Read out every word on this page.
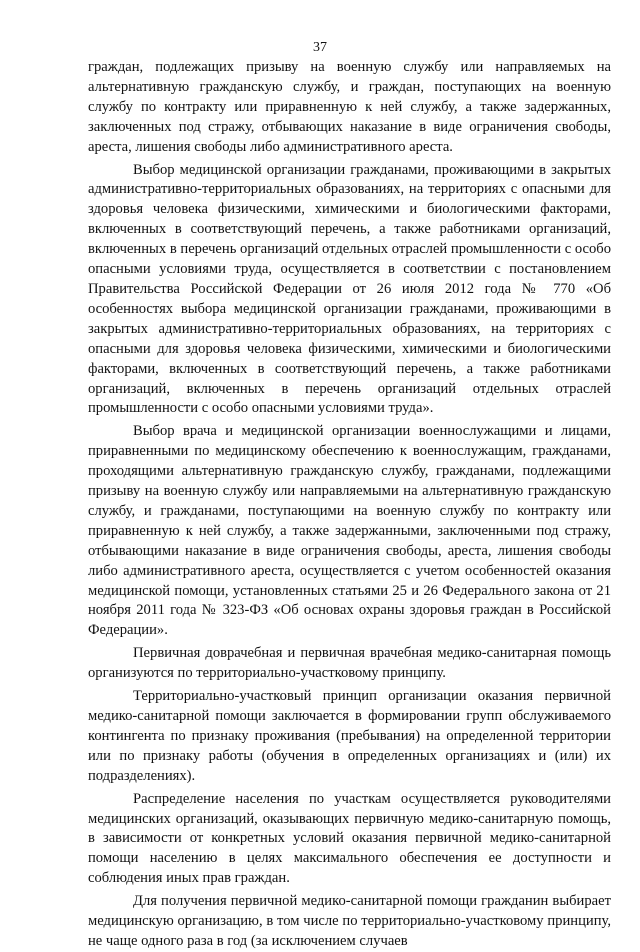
37

граждан, подлежащих призыву на военную службу или направляемых на альтернативную гражданскую службу, и граждан, поступающих на военную службу по контракту или приравненную к ней службу, а также задержанных, заключенных под стражу, отбывающих наказание в виде ограничения свободы, ареста, лишения свободы либо административного ареста.

Выбор медицинской организации гражданами, проживающими в закрытых административно-территориальных образованиях, на территориях с опасными для здоровья человека физическими, химическими и биологическими факторами, включенных в соответствующий перечень, а также работниками организаций, включенных в перечень организаций отдельных отраслей промышленности с особо опасными условиями труда, осуществляется в соответствии с постановлением Правительства Российской Федерации от 26 июля 2012 года № 770 «Об особенностях выбора медицинской организации гражданами, проживающими в закрытых административно-территориальных образованиях, на территориях с опасными для здоровья человека физическими, химическими и биологическими факторами, включенных в соответствующий перечень, а также работниками организаций, включенных в перечень организаций отдельных отраслей промышленности с особо опасными условиями труда».

Выбор врача и медицинской организации военнослужащими и лицами, приравненными по медицинскому обеспечению к военнослужащим, гражданами, проходящими альтернативную гражданскую службу, гражданами, подлежащими призыву на военную службу или направляемыми на альтернативную гражданскую службу, и гражданами, поступающими на военную службу по контракту или приравненную к ней службу, а также задержанными, заключенными под стражу, отбывающими наказание в виде ограничения свободы, ареста, лишения свободы либо административного ареста, осуществляется с учетом особенностей оказания медицинской помощи, установленных статьями 25 и 26 Федерального закона от 21 ноября 2011 года № 323-ФЗ «Об основах охраны здоровья граждан в Российской Федерации».

Первичная доврачебная и первичная врачебная медико-санитарная помощь организуются по территориально-участковому принципу.

Территориально-участковый принцип организации оказания первичной медико-санитарной помощи заключается в формировании групп обслуживаемого контингента по признаку проживания (пребывания) на определенной территории или по признаку работы (обучения в определенных организациях и (или) их подразделениях).

Распределение населения по участкам осуществляется руководителями медицинских организаций, оказывающих первичную медико-санитарную помощь, в зависимости от конкретных условий оказания первичной медико-санитарной помощи населению в целях максимального обеспечения ее доступности и соблюдения иных прав граждан.

Для получения первичной медико-санитарной помощи гражданин выбирает медицинскую организацию, в том числе по территориально-участковому принципу, не чаще одного раза в год (за исключением случаев
